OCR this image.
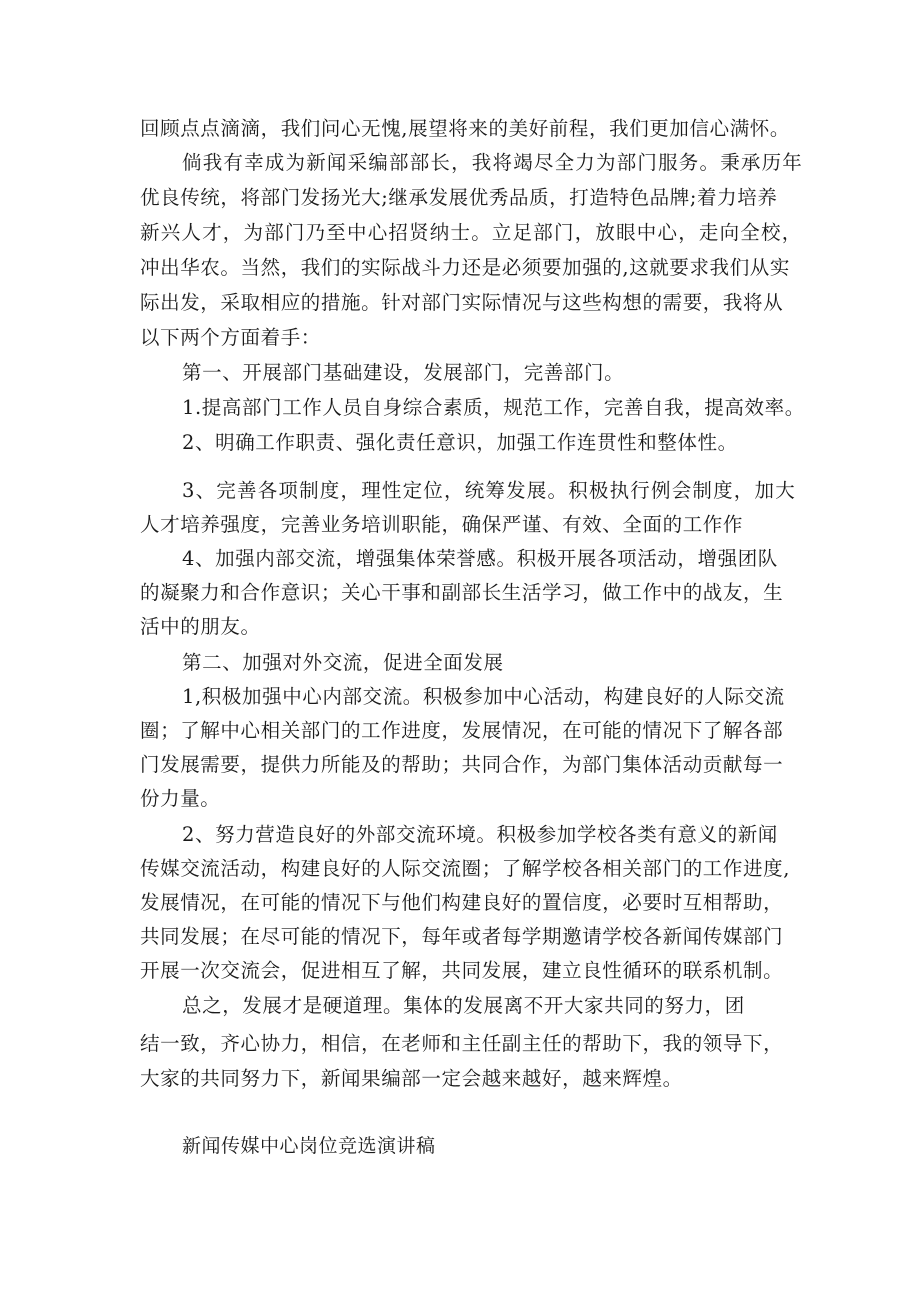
回顾点点滴滴，我们问心无愧,展望将来的美好前程，我们更加信心满怀。

倘我有幸成为新闻采编部部长，我将竭尽全力为部门服务。秉承历年

优良传统，将部门发扬光大;继承发展优秀品质，打造特色品牌;着力培养

新兴人才，为部门乃至中心招贤纳士。立足部门，放眼中心，走向全校，

冲出华农。当然，我们的实际战斗力还是必须要加强的,这就要求我们从实

际出发，采取相应的措施。针对部门实际情况与这些构想的需要，我将从

以下两个方面着手：

第一、开展部门基础建设，发展部门，完善部门。

1.提高部门工作人员自身综合素质，规范工作，完善自我，提高效率。

2、明确工作职责、强化责任意识，加强工作连贯性和整体性。

3、完善各项制度，理性定位，统筹发展。积极执行例会制度，加大

人才培养强度，完善业务培训职能，确保严谨、有效、全面的工作作

4、加强内部交流，增强集体荣誉感。积极开展各项活动，增强团队

的凝聚力和合作意识；关心干事和副部长生活学习，做工作中的战友，生

活中的朋友。

第二、加强对外交流，促进全面发展

1,积极加强中心内部交流。积极参加中心活动，构建良好的人际交流

圈；了解中心相关部门的工作进度，发展情况，在可能的情况下了解各部

门发展需要，提供力所能及的帮助；共同合作，为部门集体活动贡献每一

份力量。

2、努力营造良好的外部交流环境。积极参加学校各类有意义的新闻

传媒交流活动，构建良好的人际交流圈；了解学校各相关部门的工作进度,

发展情况，在可能的情况下与他们构建良好的置信度，必要时互相帮助，

共同发展；在尽可能的情况下，每年或者每学期邀请学校各新闻传媒部门

开展一次交流会，促进相互了解，共同发展，建立良性循环的联系机制。

总之，发展才是硬道理。集体的发展离不开大家共同的努力，团

结一致，齐心协力，相信，在老师和主任副主任的帮助下，我的领导下，

大家的共同努力下，新闻果编部一定会越来越好，越来辉煌。

新闻传媒中心岗位竞选演讲稿
